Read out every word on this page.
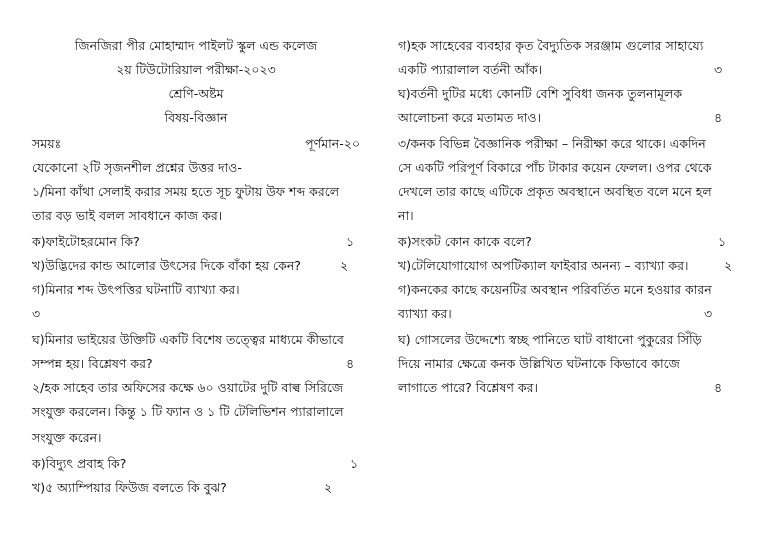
জিনজিরা পীর মোহাম্মাদ পাইলট স্কুল এন্ড কলেজ
২য় টিউটোরিয়াল পরীক্ষা-২০২৩
শ্রেণি-অষ্টম
বিষয়-বিজ্ঞান
সময়ঃ	পূর্ণমান-২০
যেকোনো ২টি সৃজনশীল প্রশ্নের উত্তর দাও-
১/মিনা কাঁথা সেলাই করার সময় হতে সূচ ফুটায় উফ শব্দ করলে
তার বড় ভাই বলল সাবধানে কাজ কর।
ক)ফাইটোহরমোন কি?	১
খ)উদ্ভিদের কান্ড আলোর উৎসের দিকে বাঁকা হয় কেন?	২
গ)মিনার শব্দ উৎপত্তির ঘটনাটি ব্যাখ্যা কর।
৩
ঘ)মিনার ভাইয়ের উক্তিটি একটি বিশেষ তত্ত্বের মাধ্যমে কীভাবে
সম্পন্ন হয়। বিশ্লেষণ কর?	৪
২/হক সাহেব তার অফিসের কক্ষে ৬০ ওয়াটের দুটি বাল্ব সিরিজে
সংযুক্ত করলেন। কিন্তু ১ টি ফ্যান ও ১ টি টেলিভিশন প্যারালালে
সংযুক্ত করেন।
ক)বিদ্যুৎ প্রবাহ কি?	১
খ)৫ অ্যাম্পিয়ার ফিউজ বলতে কি বুঝ?	২
গ)হক সাহেবের ব্যবহার কৃত বৈদ্যুতিক সরঞ্জাম গুলোর সাহায্যে
একটি প্যারালাল বর্তনী আঁক।	৩
ঘ)বর্তনী দুটির মধ্যে কোনটি বেশি সুবিধা জনক তুলনামূলক
আলোচনা করে মতামত দাও।	৪
৩/কনক বিভিন্ন বৈজ্ঞানিক পরীক্ষা – নিরীক্ষা করে থাকে। একদিন
সে একটি পরিপূর্ণ বিকারে পাঁচ টাকার কয়েন ফেলল। ওপর থেকে
দেখলে তার কাছে এটিকে প্রকৃত অবস্থানে অবস্থিত বলে মনে হল
না।
ক)সংকট কোন কাকে বলে?	১
খ)টেলিযোগাযোগ অপটিক্যাল ফাইবার অনন্য – ব্যাখ্যা কর।	২
গ)কনকের কাছে কয়েনটির অবস্থান পরিবর্তিত মনে হওয়ার কারন
ব্যাখ্যা কর।	৩
ঘ) গোসলের উদ্দেশ্যে স্বচ্ছ পানিতে ঘাট বাধানো পুকুরের সিঁড়ি
দিয়ে নামার ক্ষেত্রে কনক উল্লিখিত ঘটনাকে কিভাবে কাজে
লাগাতে পারে? বিশ্লেষণ কর।	৪
